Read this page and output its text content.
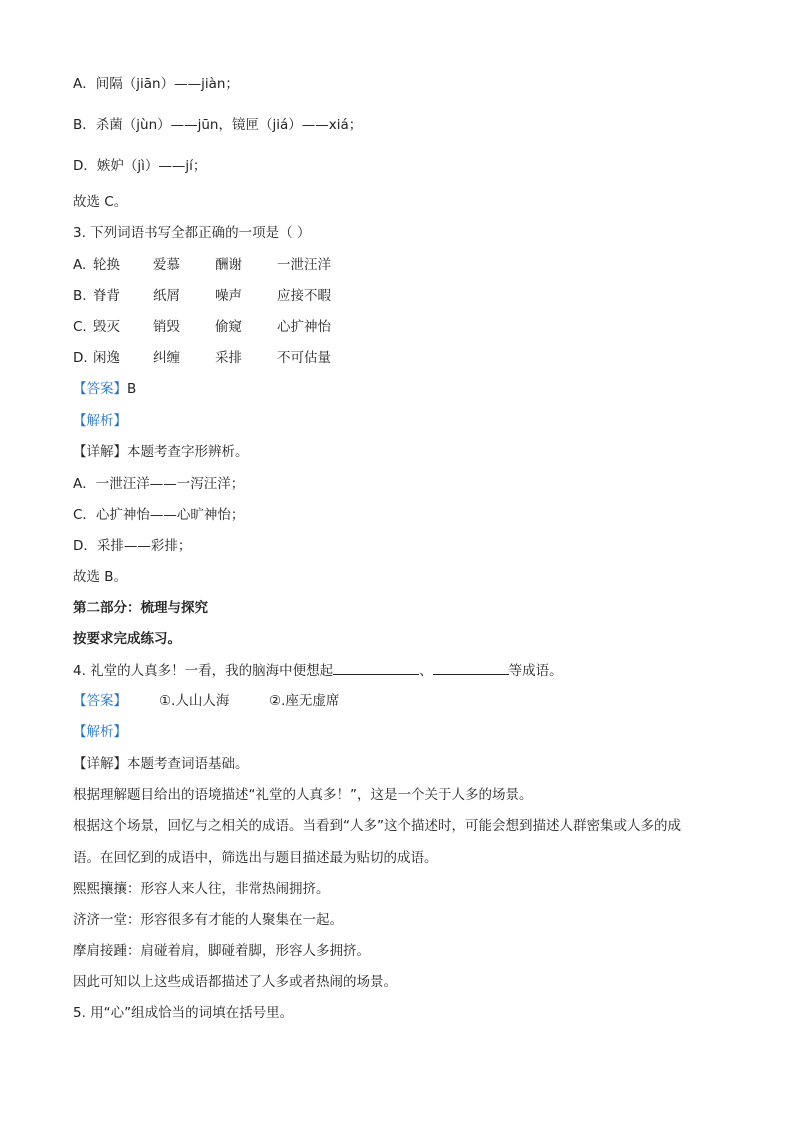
A．间隔（jiān）——jiàn；
B．杀菌（jùn）——jūn，镜匣（jiá）——xiá；
D．嫉妒（jì）——jí；
故选 C。
3. 下列词语书写全都正确的一项是（ ）
A. 轮换 爱慕	酬谢	一泄汪洋
B. 脊背 纸屑	噪声	应接不暇
C. 毁灭 销毁	偷窥	心扩神怡
D. 闲逸 纠缠	采排	不可估量
【答案】B
【解析】
【详解】本题考查字形辨析。
A．一泄汪洋——一泻汪洋；
C．心扩神怡——心旷神怡；
D．采排——彩排；
故选 B。
第二部分：梳理与探究
按要求完成练习。
4. 礼堂的人真多！一看，我的脑海中便想起	、	等成语。
【答案】 ①.人山人海	②.座无虚席
【解析】
【详解】本题考查词语基础。
根据理解题目给出的语境描述“礼堂的人真多！”，这是一个关于人多的场景。
根据这个场景，回忆与之相关的成语。当看到“人多”这个描述时，可能会想到描述人群密集或人多的成
语。在回忆到的成语中，筛选出与题目描述最为贴切的成语。
熙熙攘攘：形容人来人往，非常热闹拥挤。
济济一堂：形容很多有才能的人聚集在一起。
摩肩接踵：肩碰着肩，脚碰着脚，形容人多拥挤。
因此可知以上这些成语都描述了人多或者热闹的场景。
5. 用“心”组成恰当的词填在括号里。
